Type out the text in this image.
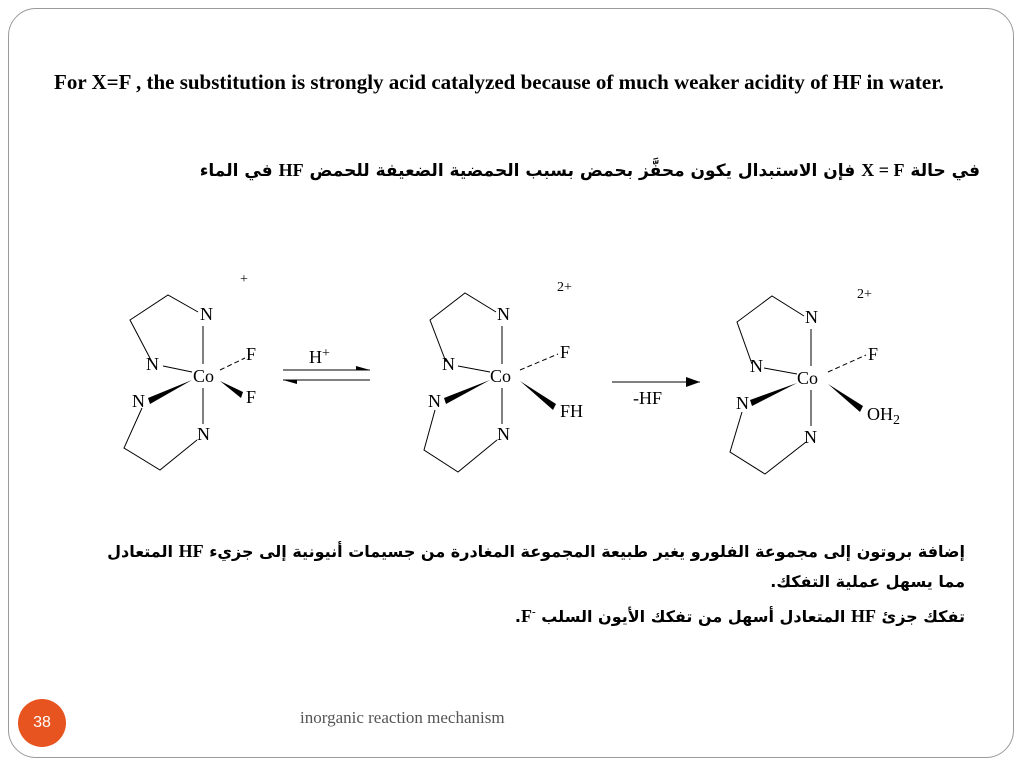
For X=F , the substitution is strongly acid catalyzed because of much weaker acidity of HF in water.

في حالة X = F فإن الاستبدال يكون محفَّز بحمض بسبب الحمضية الضعيفة للحمض HF في الماء
+
N
N
Co
N
N
F
F
H+
2+
N
N
Co
N
N
F
FH
-HF
2+
N
N
Co
N
N
F
$OH_2$
إضافة بروتون إلى مجموعة الفلورو يغير طبيعة المجموعة المغادرة من جسيمات أنيونية إلى جزيء HF المتعادل
مما يسهل عملية التفكك.
تفكك جزئ HF المتعادل أسهل من تفكك الأيون السلب F-.
38	inorganic reaction mechanism
